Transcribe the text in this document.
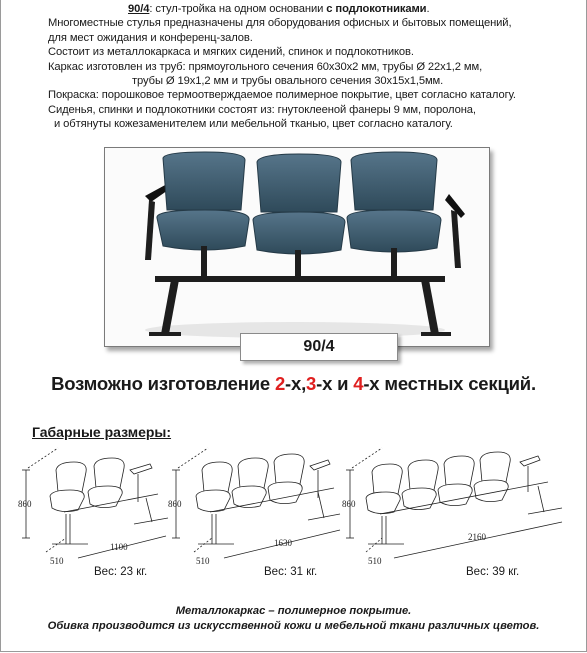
90/4: стул-тройка на одном основании с подлокотниками.
Многоместные стулья предназначены для оборудования офисных и бытовых помещений,
для мест ожидания и конференц-залов.
Состоит из металлокаркаса и мягких сидений, спинок и подлокотников.
Каркас изготовлен из труб: прямоугольного сечения 60х30х2 мм, трубы Ø 22х1,2 мм,
трубы Ø 19х1,2 мм и трубы овального сечения 30х15х1,5мм.
Покраска: порошковое термоотверждаемое полимерное покрытие, цвет согласно каталогу.
Сиденья, спинки и подлокотники состоят из: гнутоклееной фанеры 9 мм, поролона,
и обтянуты кожезаменителем или мебельной тканью, цвет согласно каталогу.
90/4
Возможно изготовление 2-х,3-х и 4-х местных секций.
Габарные размеры:
860
510
1100
Вес: 23 кг.
860
510
1630
Вес: 31 кг.
860
510
2160
Вес: 39 кг.
Металлокаркас – полимерное покрытие.
Обивка производится из искусственной кожи и мебельной ткани различных цветов.
